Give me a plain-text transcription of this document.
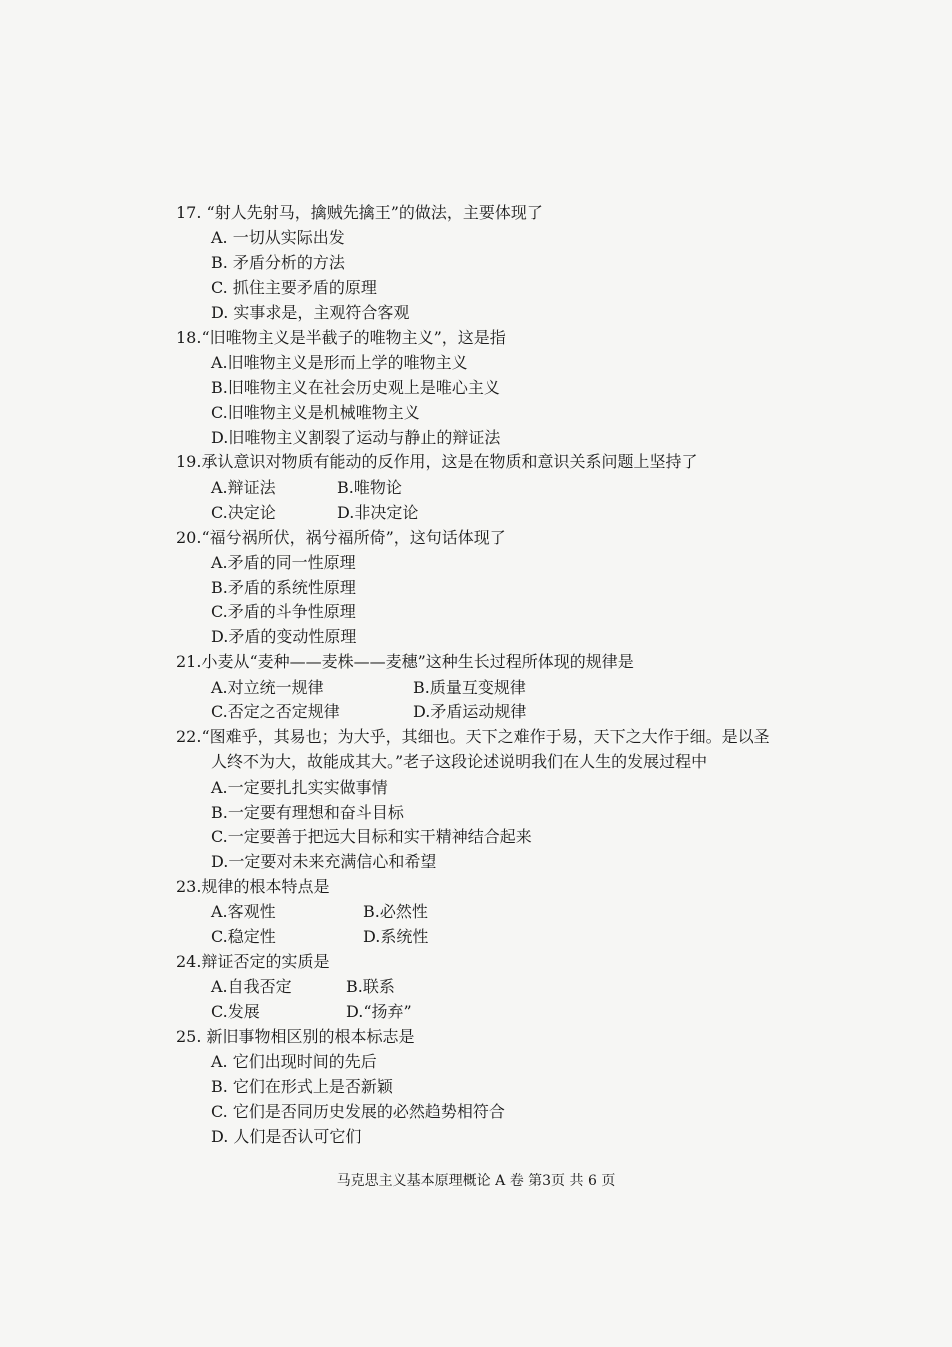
17. “射人先射马，擒贼先擒王”的做法，主要体现了
A. 一切从实际出发
B. 矛盾分析的方法
C. 抓住主要矛盾的原理
D. 实事求是，主观符合客观
18.“旧唯物主义是半截子的唯物主义”，这是指
A.旧唯物主义是形而上学的唯物主义
B.旧唯物主义在社会历史观上是唯心主义
C.旧唯物主义是机械唯物主义
D.旧唯物主义割裂了运动与静止的辩证法
19.承认意识对物质有能动的反作用，这是在物质和意识关系问题上坚持了
A.辩证法	B.唯物论
C.决定论	D.非决定论
20.“福兮祸所伏，祸兮福所倚”，这句话体现了
A.矛盾的同一性原理
B.矛盾的系统性原理
C.矛盾的斗争性原理
D.矛盾的变动性原理
21.小麦从“麦种——麦株——麦穗”这种生长过程所体现的规律是
A.对立统一规律	B.质量互变规律
C.否定之否定规律	D.矛盾运动规律
22.“图难乎，其易也；为大乎，其细也。天下之难作于易，天下之大作于细。是以圣
人终不为大，故能成其大。”老子这段论述说明我们在人生的发展过程中
A.一定要扎扎实实做事情
B.一定要有理想和奋斗目标
C.一定要善于把远大目标和实干精神结合起来
D.一定要对未来充满信心和希望
23.规律的根本特点是
A.客观性	B.必然性
C.稳定性	D.系统性
24.辩证否定的实质是
A.自我否定	B.联系
C.发展	D.“扬弃”
25. 新旧事物相区别的根本标志是
A. 它们出现时间的先后
B. 它们在形式上是否新颖
C. 它们是否同历史发展的必然趋势相符合
D. 人们是否认可它们
马克思主义基本原理概论 A 卷 第3页 共 6 页
